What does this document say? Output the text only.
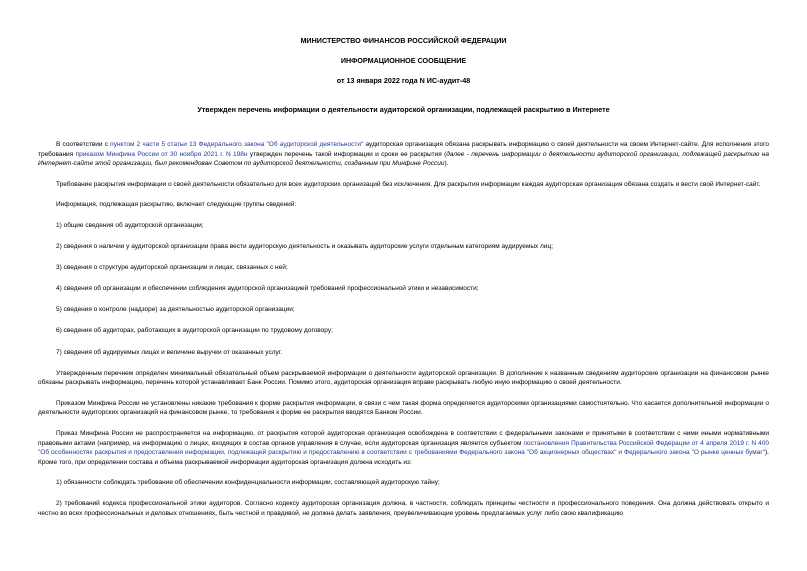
МИНИСТЕРСТВО ФИНАНСОВ РОССИЙСКОЙ ФЕДЕРАЦИИ
ИНФОРМАЦИОННОЕ СООБЩЕНИЕ
от 13 января 2022 года N ИС-аудит-48
Утвержден перечень информации о деятельности аудиторской организации, подлежащей раскрытию в Интернете

В соответствии с пунктом 2 части 5 статьи 13 Федерального закона "Об аудиторской деятельности" аудиторская организация обязана раскрывать информацию о своей деятельности на своем Интернет-сайте. Для исполнения этого требования приказом Минфина России от 30 ноября 2021 г. N 198н утвержден перечень такой информации и сроки ее раскрытия (далее - перечень информации о деятельности аудиторской организации, подлежащей раскрытию на Интернет-сайте этой организации, был рекомендован Советом по аудиторской деятельности, созданным при Минфине России).

Требование раскрытия информации о своей деятельности обязательно для всех аудиторских организаций без исключения. Для раскрытия информации каждая аудиторская организация обязана создать и вести свой Интернет-сайт.

Информация, подлежащая раскрытию, включает следующие группы сведений:

1) общие сведения об аудиторской организации;

2) сведения о наличии у аудиторской организации права вести аудиторскую деятельность и оказывать аудиторские услуги отдельным категориям аудируемых лиц;

3) сведения о структуре аудиторской организации и лицах, связанных с ней;

4) сведения об организации и обеспечении соблюдения аудиторской организацией требований профессиональной этики и независимости;

5) сведения о контроле (надзоре) за деятельностью аудиторской организации;

6) сведения об аудиторах, работающих в аудиторской организации по трудовому договору;

7) сведения об аудируемых лицах и величине выручки от оказанных услуг.

Утвержденным перечнем определен минимальный обязательный объем раскрываемой информации о деятельности аудиторской организации. В дополнение к названным сведениям аудиторские организации на финансовом рынке обязаны раскрывать информацию, перечень которой устанавливает Банк России. Помимо этого, аудиторская организация вправе раскрывать любую иную информацию о своей деятельности.

Приказом Минфина России не установлены никакие требования к форме раскрытия информации, в связи с чем такая форма определяется аудиторскими организациями самостоятельно. Что касается дополнительной информации о деятельности аудиторских организаций на финансовом рынке, то требования к форме ее раскрытия вводятся Банком России.

Приказ Минфина России не распространяется на информацию, от раскрытия которой аудиторская организация освобождена в соответствии с федеральными законами и принятыми в соответствии с ними иными нормативными правовыми актами (например, на информацию о лицах, входящих в состав органов управления в случае, если аудиторская организация является субъектом постановления Правительства Российской Федерации от 4 апреля 2019 г. N 400 "Об особенностях раскрытия и предоставления информации, подлежащей раскрытию и предоставлению в соответствии с требованиями Федерального закона "Об акционерных обществах" и Федерального закона "О рынке ценных бумаг"). Кроме того, при определении состава и объема раскрываемой информации аудиторская организация должна исходить из:

1) обязанности соблюдать требование об обеспечении конфиденциальности информации, составляющей аудиторскую тайну;

2) требований кодекса профессиональной этики аудиторов. Согласно кодексу аудиторская организация должна, в частности, соблюдать принципы честности и профессионального поведения. Она должна действовать открыто и честно во всех профессиональных и деловых отношениях, быть честной и правдивой, не должна делать заявления, преувеличивающие уровень предлагаемых услуг либо свою квалификацию
